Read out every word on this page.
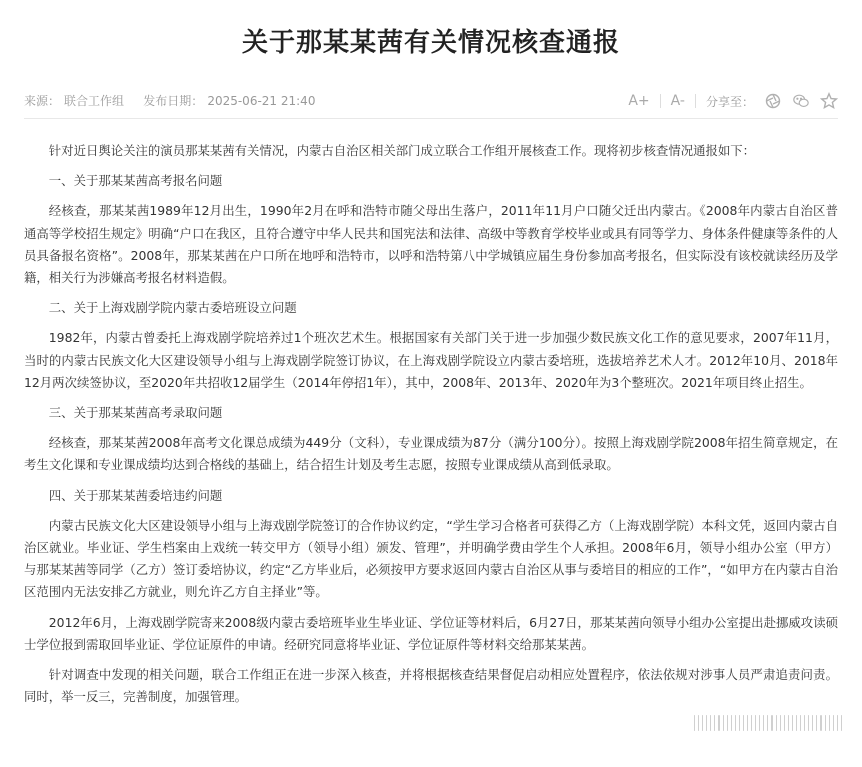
关于那某某茜有关情况核查通报
来源： 联合工作组 发布日期： 2025-06-21 21:40	A+ A- 分享至：

针对近日舆论关注的演员那某某茜有关情况，内蒙古自治区相关部门成立联合工作组开展核查工作。现将初步核查情况通报如下：

一、关于那某某茜高考报名问题

经核查，那某某茜1989年12月出生，1990年2月在呼和浩特市随父母出生落户，2011年11月户口随父迁出内蒙古。《2008年内蒙古自治区普通高等学校招生规定》明确“户口在我区，且符合遵守中华人民共和国宪法和法律、高级中等教育学校毕业或具有同等学力、身体条件健康等条件的人员具备报名资格”。2008年，那某某茜在户口所在地呼和浩特市，以呼和浩特第八中学城镇应届生身份参加高考报名，但实际没有该校就读经历及学籍，相关行为涉嫌高考报名材料造假。

二、关于上海戏剧学院内蒙古委培班设立问题

1982年，内蒙古曾委托上海戏剧学院培养过1个班次艺术生。根据国家有关部门关于进一步加强少数民族文化工作的意见要求，2007年11月，当时的内蒙古民族文化大区建设领导小组与上海戏剧学院签订协议，在上海戏剧学院设立内蒙古委培班，选拔培养艺术人才。2012年10月、2018年12月两次续签协议，至2020年共招收12届学生（2014年停招1年），其中，2008年、2013年、2020年为3个整班次。2021年项目终止招生。

三、关于那某某茜高考录取问题

经核查，那某某茜2008年高考文化课总成绩为449分（文科），专业课成绩为87分（满分100分）。按照上海戏剧学院2008年招生简章规定，在考生文化课和专业课成绩均达到合格线的基础上，结合招生计划及考生志愿，按照专业课成绩从高到低录取。

四、关于那某某茜委培违约问题

内蒙古民族文化大区建设领导小组与上海戏剧学院签订的合作协议约定，“学生学习合格者可获得乙方（上海戏剧学院）本科文凭，返回内蒙古自治区就业。毕业证、学生档案由上戏统一转交甲方（领导小组）颁发、管理”，并明确学费由学生个人承担。2008年6月，领导小组办公室（甲方）与那某某茜等同学（乙方）签订委培协议，约定“乙方毕业后，必须按甲方要求返回内蒙古自治区从事与委培目的相应的工作”，“如甲方在内蒙古自治区范围内无法安排乙方就业，则允许乙方自主择业”等。

2012年6月，上海戏剧学院寄来2008级内蒙古委培班毕业生毕业证、学位证等材料后，6月27日，那某某茜向领导小组办公室提出赴挪威攻读硕士学位报到需取回毕业证、学位证原件的申请。经研究同意将毕业证、学位证原件等材料交给那某某茜。

针对调查中发现的相关问题，联合工作组正在进一步深入核查，并将根据核查结果督促启动相应处置程序，依法依规对涉事人员严肃追责问责。同时，举一反三，完善制度，加强管理。
